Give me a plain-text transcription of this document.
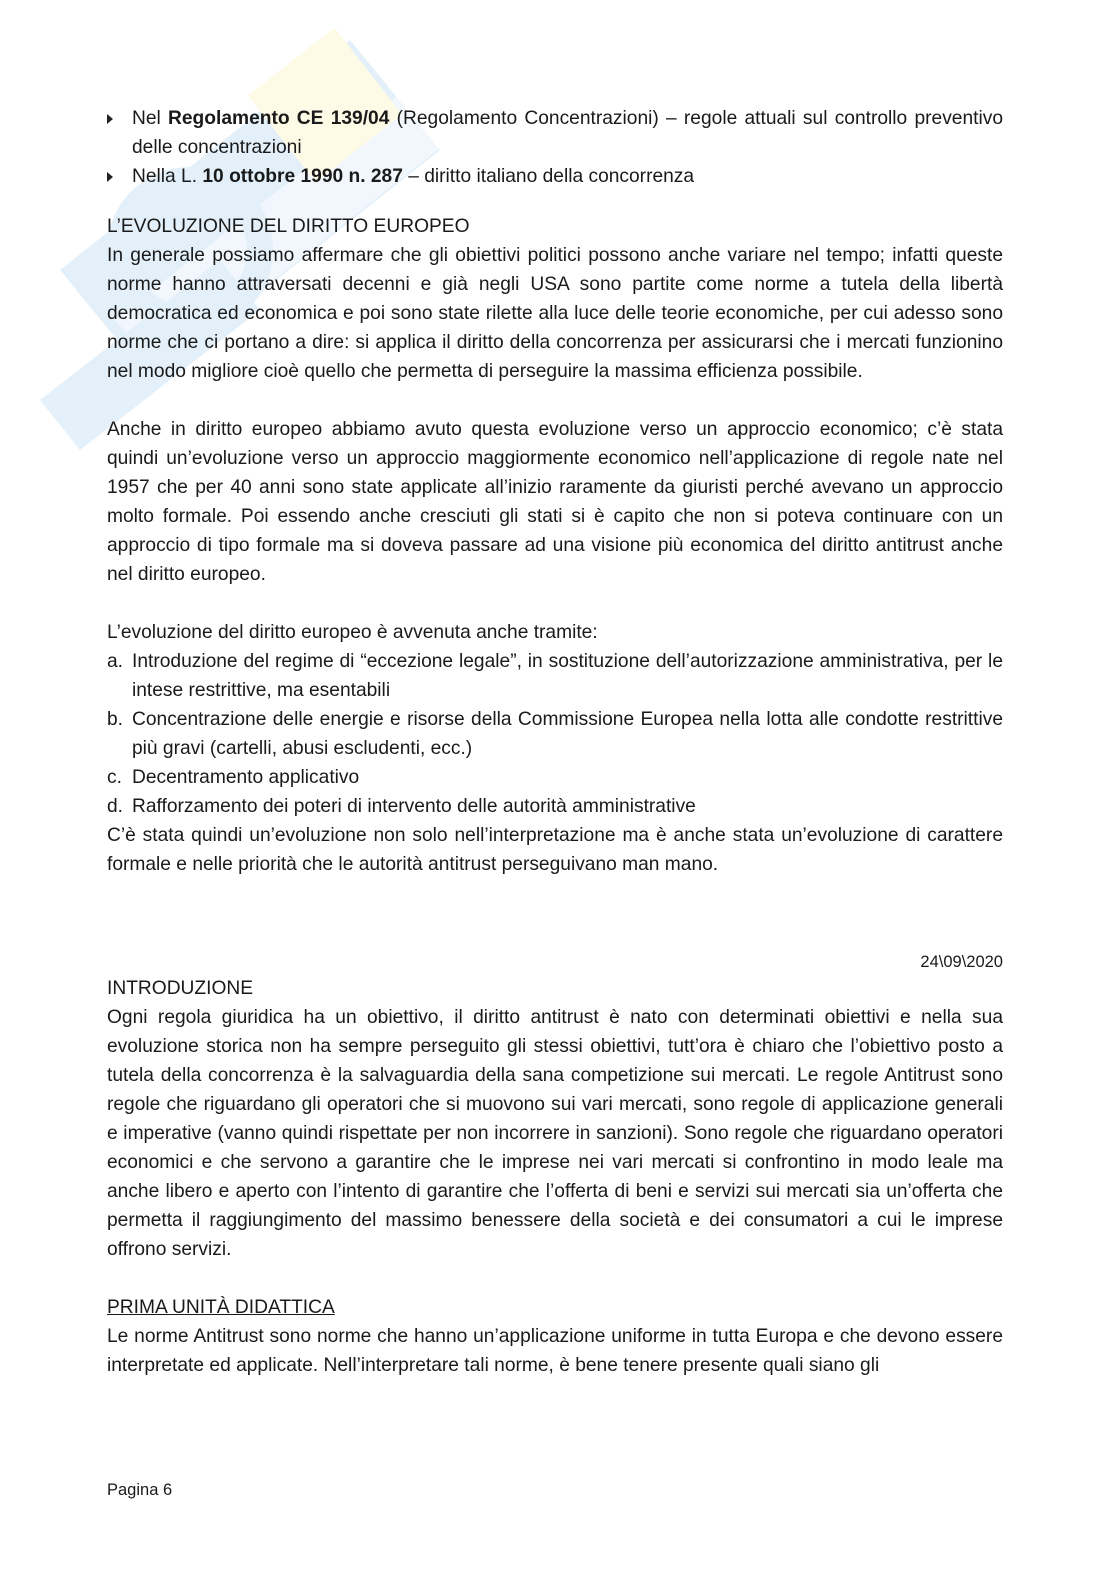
Nel Regolamento CE 139/04 (Regolamento Concentrazioni) – regole attuali sul controllo preventivo delle concentrazioni
Nella L. 10 ottobre 1990 n. 287 – diritto italiano della concorrenza
L’EVOLUZIONE DEL DIRITTO EUROPEO

In generale possiamo affermare che gli obiettivi politici possono anche variare nel tempo; infatti queste norme hanno attraversati decenni e già negli USA sono partite come norme a tutela della libertà democratica ed economica e poi sono state rilette alla luce delle teorie economiche, per cui adesso sono norme che ci portano a dire: si applica il diritto della concorrenza per assicurarsi che i mercati funzionino nel modo migliore cioè quello che permetta di perseguire la massima efficienza possibile.

Anche in diritto europeo abbiamo avuto questa evoluzione verso un approccio economico; c’è stata quindi un’evoluzione verso un approccio maggiormente economico nell’applicazione di regole nate nel 1957 che per 40 anni sono state applicate all’inizio raramente da giuristi perché avevano un approccio molto formale. Poi essendo anche cresciuti gli stati si è capito che non si poteva continuare con un approccio di tipo formale ma si doveva passare ad una visione più economica del diritto antitrust anche nel diritto europeo.

L’evoluzione del diritto europeo è avvenuta anche tramite:

a. Introduzione del regime di “eccezione legale”, in sostituzione dell’autorizzazione amministrativa, per le intese restrittive, ma esentabili
b. Concentrazione delle energie e risorse della Commissione Europea nella lotta alle condotte restrittive più gravi (cartelli, abusi escludenti, ecc.)
c. Decentramento applicativo
d. Rafforzamento dei poteri di intervento delle autorità amministrative

C’è stata quindi un’evoluzione non solo nell’interpretazione ma è anche stata un’evoluzione di carattere formale e nelle priorità che le autorità antitrust perseguivano man mano.

24\09\2020
INTRODUZIONE

Ogni regola giuridica ha un obiettivo, il diritto antitrust è nato con determinati obiettivi e nella sua evoluzione storica non ha sempre perseguito gli stessi obiettivi, tutt’ora è chiaro che l’obiettivo posto a tutela della concorrenza è la salvaguardia della sana competizione sui mercati. Le regole Antitrust sono regole che riguardano gli operatori che si muovono sui vari mercati, sono regole di applicazione generali e imperative (vanno quindi rispettate per non incorrere in sanzioni). Sono regole che riguardano operatori economici e che servono a garantire che le imprese nei vari mercati si confrontino in modo leale ma anche libero e aperto con l’intento di garantire che l’offerta di beni e servizi sui mercati sia un’offerta che permetta il raggiungimento del massimo benessere della società e dei consumatori a cui le imprese offrono servizi.

PRIMA UNITÀ DIDATTICA

Le norme Antitrust sono norme che hanno un’applicazione uniforme in tutta Europa e che devono essere interpretate ed applicate. Nell’interpretare tali norme, è bene tenere presente quali siano gli

Pagina 6
